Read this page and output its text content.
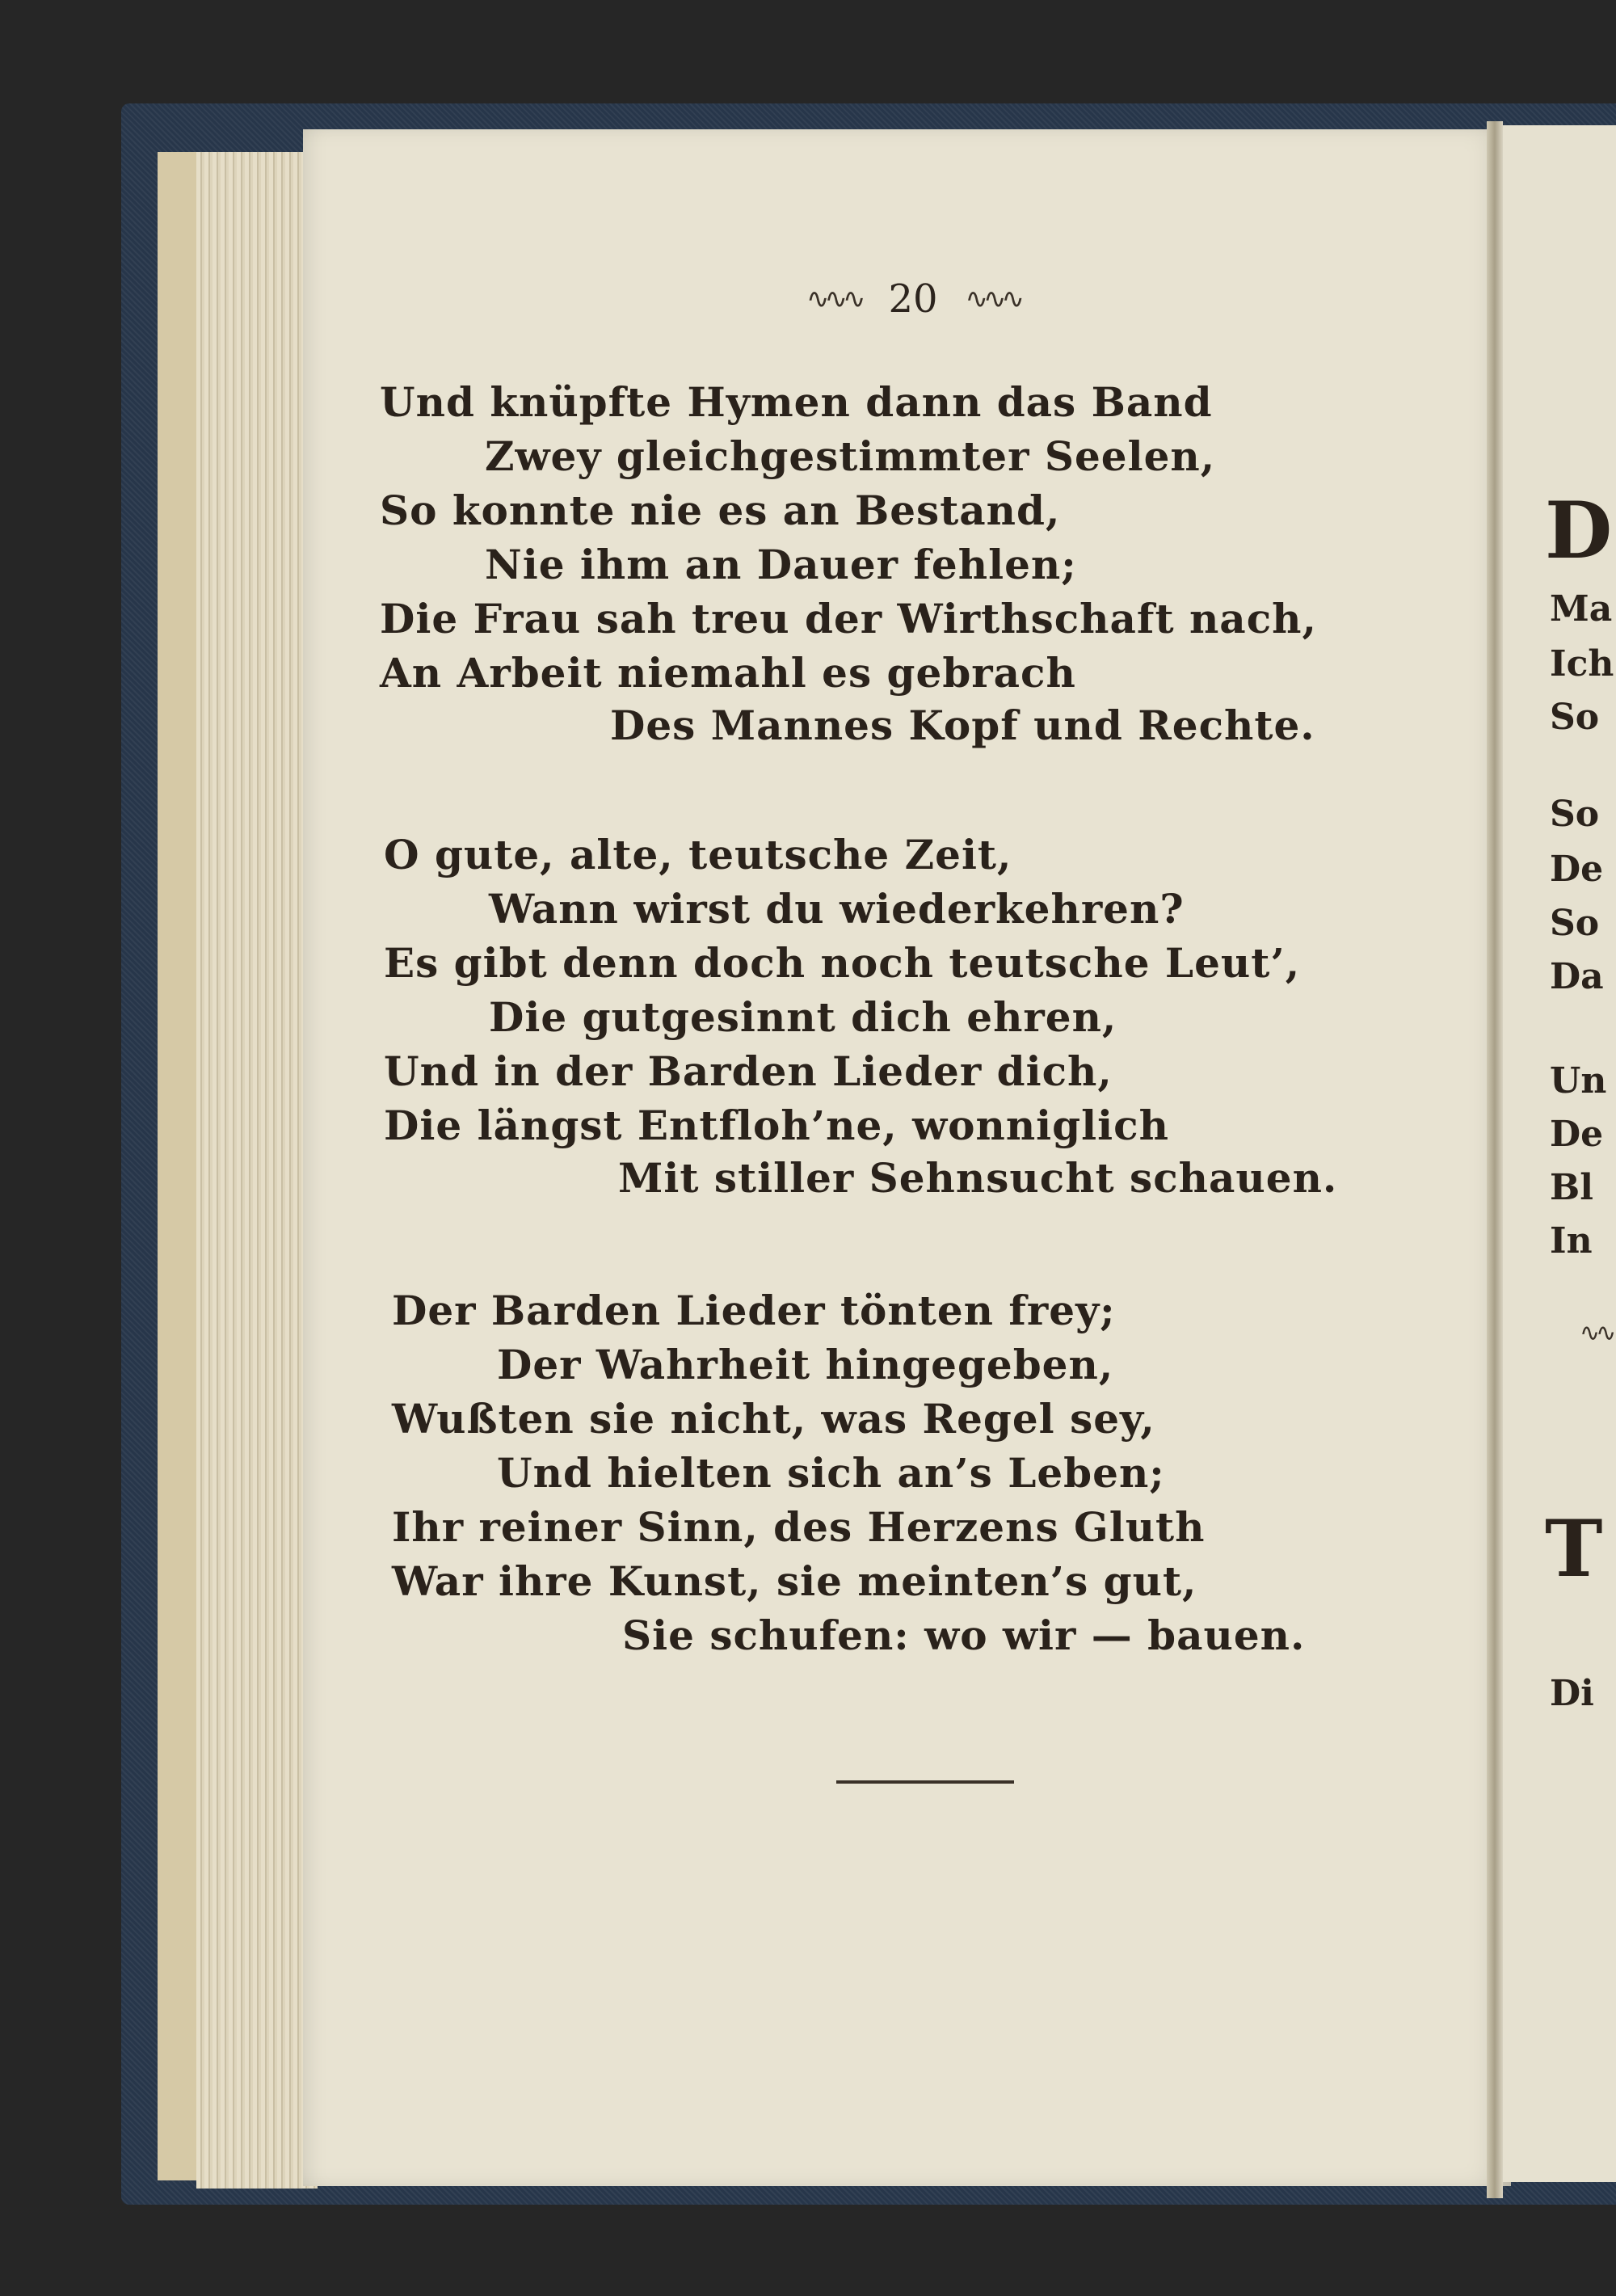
∿∿∿ 20 ∿∿∿
Und knüpfte Hymen dann das Band
Zwey gleichgestimmter Seelen,
So konnte nie es an Bestand,
Nie ihm an Dauer fehlen;
Die Frau sah treu der Wirthschaft nach,
An Arbeit niemahl es gebrach
Des Mannes Kopf und Rechte.
O gute, alte, teutsche Zeit,
Wann wirst du wiederkehren?
Es gibt denn doch noch teutsche Leut’,
Die gutgesinnt dich ehren,
Und in der Barden Lieder dich,
Die längst Entfloh’ne, wonniglich
Mit stiller Sehnsucht schauen.
Der Barden Lieder tönten frey;
Der Wahrheit hingegeben,
Wußten sie nicht, was Regel sey,
Und hielten sich an’s Leben;
Ihr reiner Sinn, des Herzens Gluth
War ihre Kunst, sie meinten’s gut,
Sie schufen: wo wir — bauen.
D
Ma
Ich
So
So
De
So
Da
Un
De
Bl
In
∿∿
T
Di
